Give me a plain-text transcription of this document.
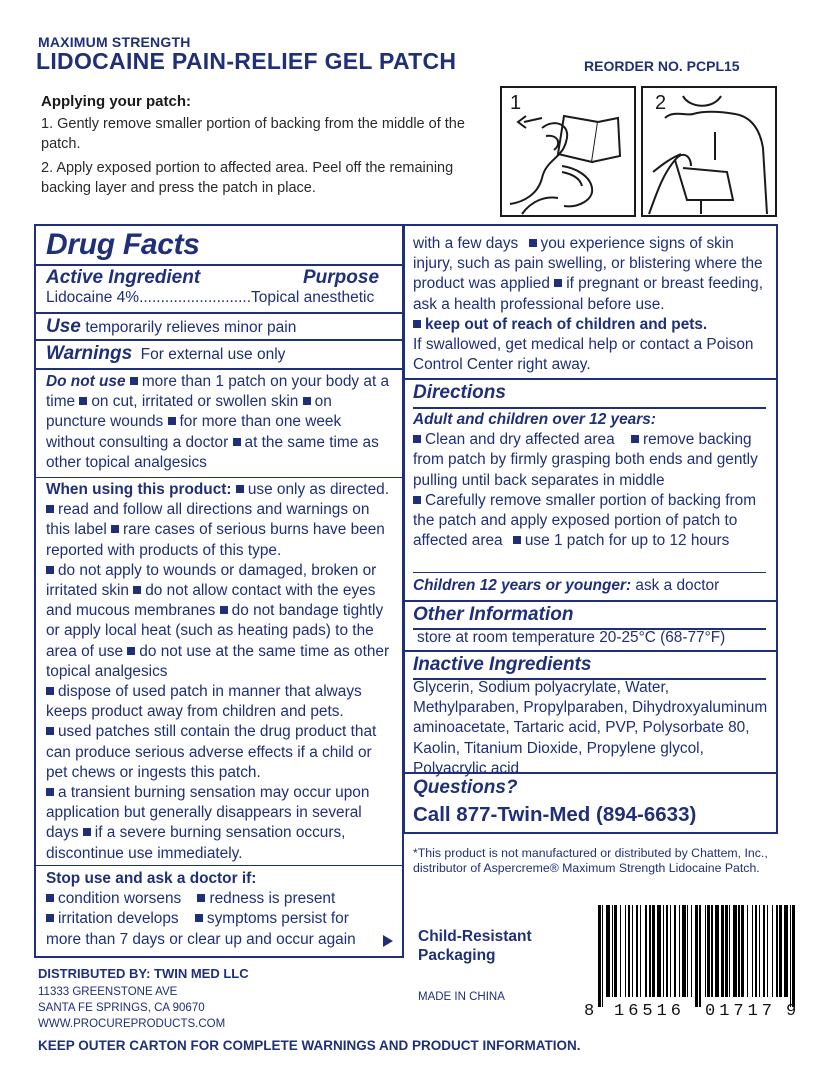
MAXIMUM STRENGTH
LIDOCAINE PAIN-RELIEF GEL PATCH	REORDER NO. PCPL15
Applying your patch:

1. Gently remove smaller portion of backing from the middle of the patch.

2. Apply exposed portion to affected area. Peel off the remaining backing layer and press the patch in place.

1	2
Drug Facts
Active Ingredient	Purpose
Lidocaine 4%..........................Topical anesthetic
Use temporarily relieves minor pain
Warnings For external use only
Do not use more than 1 patch on your body at a time on cut, irritated or swollen skin on puncture wounds for more than one week without consulting a doctor at the same time as other topical analgesics
When using this product: use only as directed.
read and follow all directions and warnings on this label rare cases of serious burns have been reported with products of this type.
do not apply to wounds or damaged, broken or irritated skin do not allow contact with the eyes and mucous membranes do not bandage tightly or apply local heat (such as heating pads) to the area of use do not use at the same time as other topical analgesics
dispose of used patch in manner that always keeps product away from children and pets.
used patches still contain the drug product that can produce serious adverse effects if a child or pet chews or ingests this patch.
a transient burning sensation may occur upon application but generally disappears in several days if a severe burning sensation occurs, discontinue use immediately.
Stop use and ask a doctor if:
condition worsens redness is present
irritation develops symptoms persist for more than 7 days or clear up and occur again
with a few days you experience signs of skin injury, such as pain swelling, or blistering where the product was applied if pregnant or breast feeding, ask a health professional before use.
keep out of reach of children and pets.
If swallowed, get medical help or contact a Poison Control Center right away.
Directions
Adult and children over 12 years:
Clean and dry affected area remove backing from patch by firmly grasping both ends and gently pulling until back separates in middle
Carefully remove smaller portion of backing from the patch and apply exposed portion of patch to affected area use 1 patch for up to 12 hours
Children 12 years or younger: ask a doctor
Other Information
store at room temperature 20-25°C (68-77°F)
Inactive Ingredients
Glycerin, Sodium polyacrylate, Water, Methylparaben, Propylparaben, Dihydroxyaluminum aminoacetate, Tartaric acid, PVP, Polysorbate 80, Kaolin, Titanium Dioxide, Propylene glycol, Polyacrylic acid
Questions?
Call 877-Twin-Med (894-6633)
*This product is not manufactured or distributed by Chattem, Inc., distributor of Aspercreme® Maximum Strength Lidocaine Patch.
Child-Resistant Packaging
MADE IN CHINA
DISTRIBUTED BY: TWIN MED LLC
11333 GREENSTONE AVE
SANTA FE SPRINGS, CA 90670
WWW.PROCUREPRODUCTS.COM
KEEP OUTER CARTON FOR COMPLETE WARNINGS AND PRODUCT INFORMATION.
8 16516 01717 9
